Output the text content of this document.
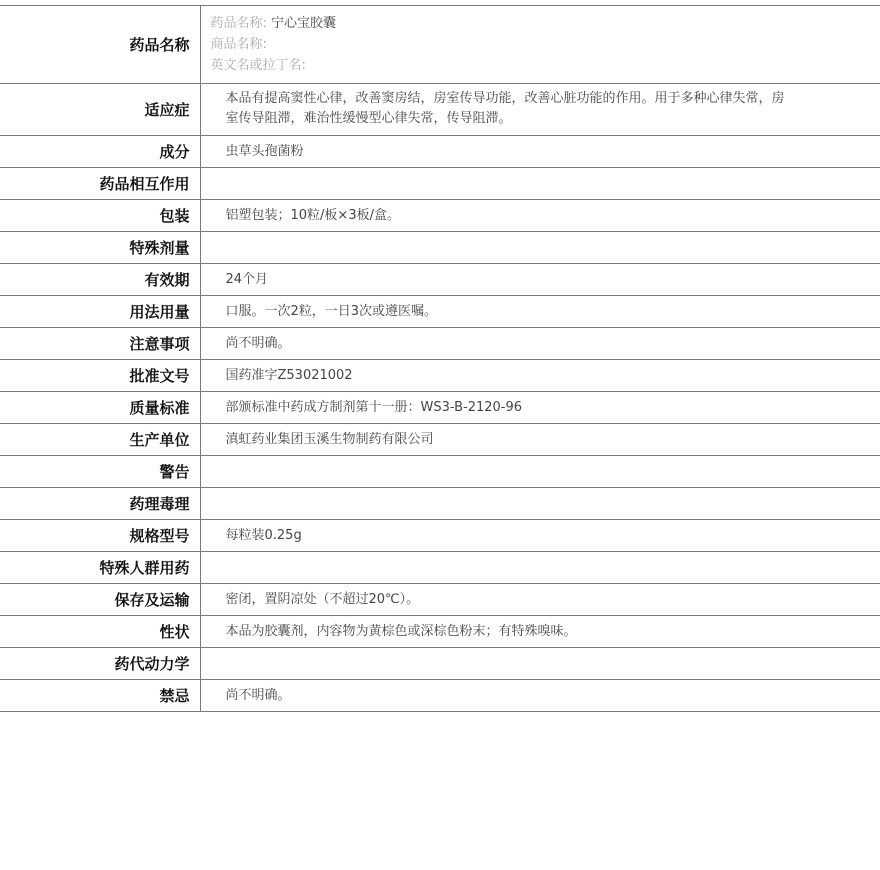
药品名称	药品名称: 宁心宝胶囊
商品名称:
英文名或拉丁名:

适应症	本品有提高窦性心律，改善窦房结，房室传导功能，改善心脏功能的作用。用于多种心律失常，房室传导阻滞，难治性缓慢型心律失常，传导阻滞。
成分	虫草头孢菌粉
药品相互作用	
包装	铝塑包装；10粒/板×3板/盒。
特殊剂量	
有效期	24个月
用法用量	口服。一次2粒，一日3次或遵医嘱。
注意事项	尚不明确。
批准文号	国药准字Z53021002
质量标准	部颁标准中药成方制剂第十一册：WS3-B-2120-96
生产单位	滇虹药业集团玉溪生物制药有限公司
警告	
药理毒理	
规格型号	每粒装0.25g
特殊人群用药	
保存及运输	密闭，置阴凉处（不超过20℃）。
性状	本品为胶囊剂，内容物为黄棕色或深棕色粉末；有特殊嗅味。
药代动力学	
禁忌	尚不明确。
